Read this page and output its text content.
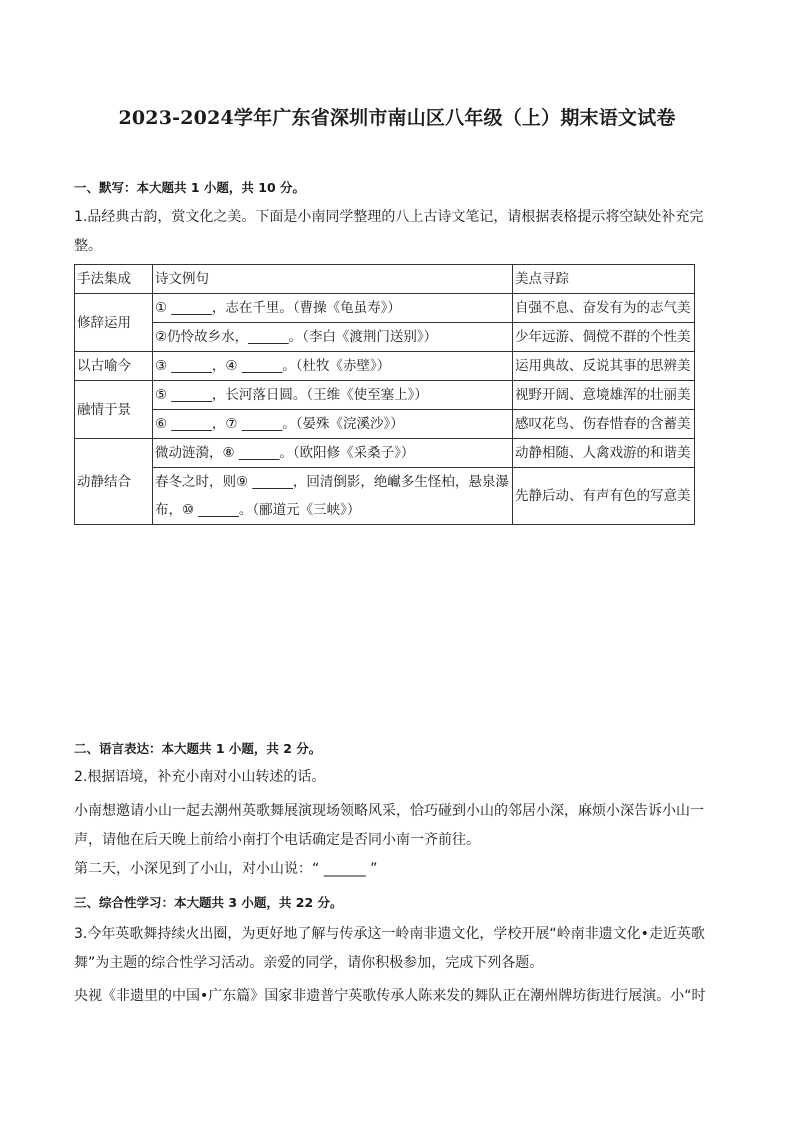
2023-2024学年广东省深圳市南山区八年级（上）期末语文试卷
一、默写：本大题共 1 小题，共 10 分。
1.品经典古韵，赏文化之美。下面是小南同学整理的八上古诗文笔记，请根据表格提示将空缺处补充完整。
手法集成	诗文例句	美点寻踪
修辞运用	① ______，志在千里。（曹操《龟虽寿》）	自强不息、奋发有为的志气美
	②仍怜故乡水，______。（李白《渡荆门送别》）	少年远游、倜傥不群的个性美
以古喻今	③ ______，④ ______。（杜牧《赤壁》）	运用典故、反说其事的思辨美
融情于景	⑤ ______，长河落日圆。（王维《使至塞上》）	视野开阔、意境雄浑的壮丽美
	⑥ ______，⑦ ______。（晏殊《浣溪沙》）	感叹花鸟、伤春惜春的含蓄美
动静结合	微动涟漪，⑧ ______。（欧阳修《采桑子》）	动静相随、人禽戏游的和谐美
	春冬之时，则⑨ ______，回清倒影，绝𪩘多生怪柏，悬泉瀑布，⑩ ______。（郦道元《三峡》）	先静后动、有声有色的写意美
二、语言表达：本大题共 1 小题，共 2 分。
2.根据语境，补充小南对小山转述的话。
小南想邀请小山一起去潮州英歌舞展演现场领略风采，恰巧碰到小山的邻居小深，麻烦小深告诉小山一声，请他在后天晚上前给小南打个电话确定是否同小南一齐前往。
第二天，小深见到了小山，对小山说：“ ______ ”
三、综合性学习：本大题共 3 小题，共 22 分。
3.今年英歌舞持续火出圈，为更好地了解与传承这一岭南非遗文化，学校开展“岭南非遗文化•走近英歌舞”为主题的综合性学习活动。亲爱的同学，请你积极参加，完成下列各题。
央视《非遗里的中国•广东篇》国家非遗普宁英歌传承人陈来发的舞队正在潮州牌坊街进行展演。小“时
